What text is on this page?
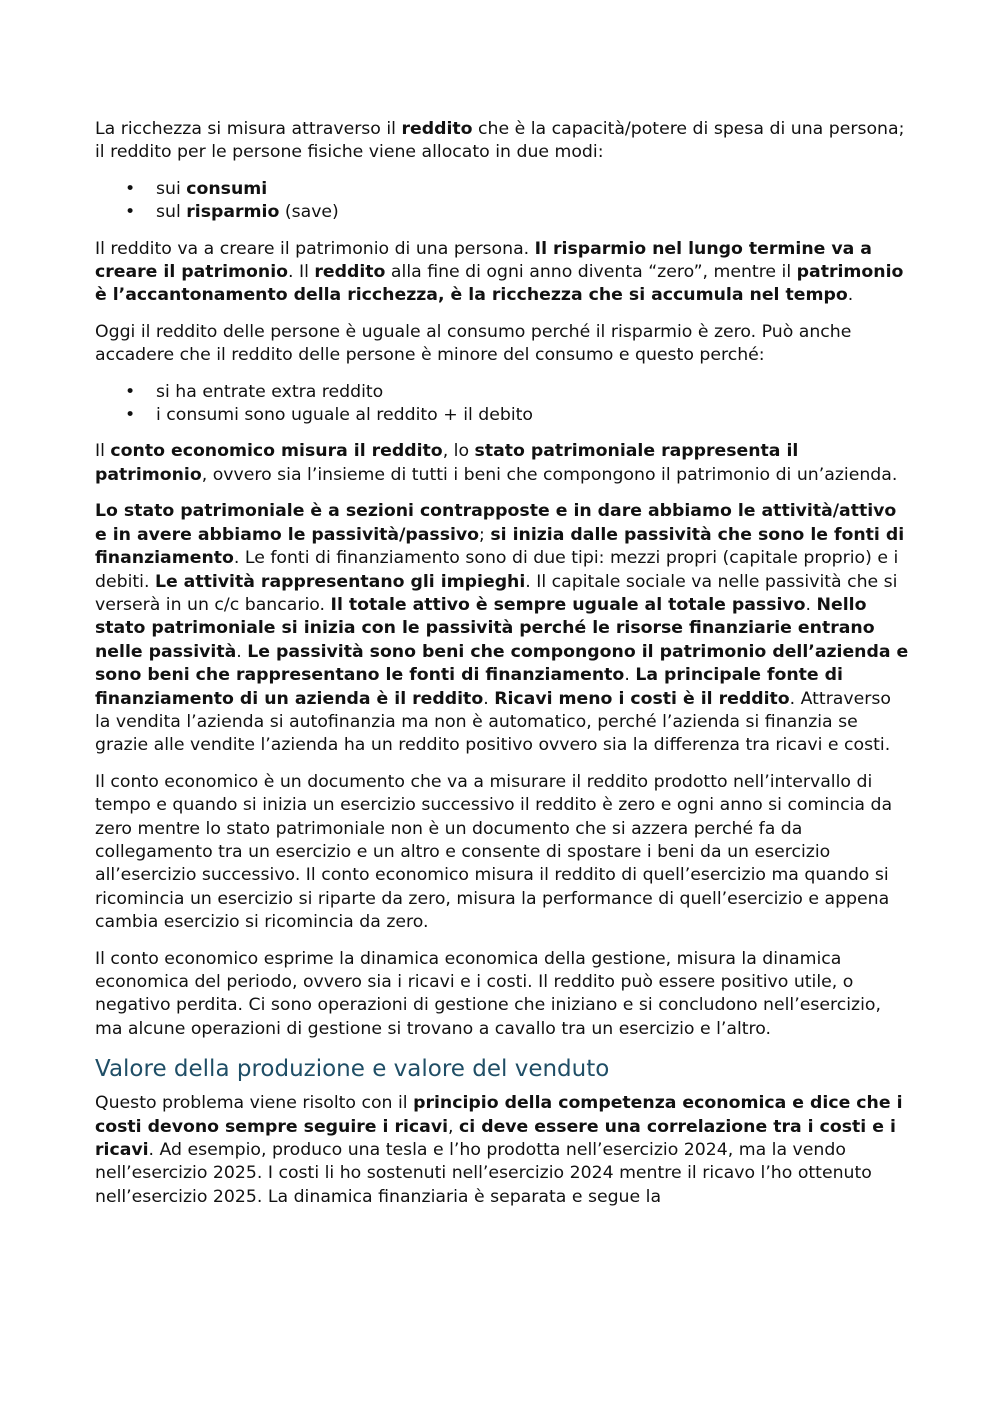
La ricchezza si misura attraverso il reddito che è la capacità/potere di spesa di una persona; il reddito per le persone fisiche viene allocato in due modi:

• sui consumi
• sul risparmio (save)

Il reddito va a creare il patrimonio di una persona. Il risparmio nel lungo termine va a creare il patrimonio. Il reddito alla fine di ogni anno diventa “zero”, mentre il patrimonio è l’accantonamento della ricchezza, è la ricchezza che si accumula nel tempo.

Oggi il reddito delle persone è uguale al consumo perché il risparmio è zero. Può anche accadere che il reddito delle persone è minore del consumo e questo perché:

• si ha entrate extra reddito
• i consumi sono uguale al reddito + il debito

Il conto economico misura il reddito, lo stato patrimoniale rappresenta il patrimonio, ovvero sia l’insieme di tutti i beni che compongono il patrimonio di un’azienda.

Lo stato patrimoniale è a sezioni contrapposte e in dare abbiamo le attività/attivo e in avere abbiamo le passività/passivo; si inizia dalle passività che sono le fonti di finanziamento. Le fonti di finanziamento sono di due tipi: mezzi propri (capitale proprio) e i debiti. Le attività rappresentano gli impieghi. Il capitale sociale va nelle passività che si verserà in un c/c bancario. Il totale attivo è sempre uguale al totale passivo. Nello stato patrimoniale si inizia con le passività perché le risorse finanziarie entrano nelle passività. Le passività sono beni che compongono il patrimonio dell’azienda e sono beni che rappresentano le fonti di finanziamento. La principale fonte di finanziamento di un azienda è il reddito. Ricavi meno i costi è il reddito. Attraverso la vendita l’azienda si autofinanzia ma non è automatico, perché l’azienda si finanzia se grazie alle vendite l’azienda ha un reddito positivo ovvero sia la differenza tra ricavi e costi.

Il conto economico è un documento che va a misurare il reddito prodotto nell’intervallo di tempo e quando si inizia un esercizio successivo il reddito è zero e ogni anno si comincia da zero mentre lo stato patrimoniale non è un documento che si azzera perché fa da collegamento tra un esercizio e un altro e consente di spostare i beni da un esercizio all’esercizio successivo. Il conto economico misura il reddito di quell’esercizio ma quando si ricomincia un esercizio si riparte da zero, misura la performance di quell’esercizio e appena cambia esercizio si ricomincia da zero.

Il conto economico esprime la dinamica economica della gestione, misura la dinamica economica del periodo, ovvero sia i ricavi e i costi. Il reddito può essere positivo utile, o negativo perdita. Ci sono operazioni di gestione che iniziano e si concludono nell’esercizio, ma alcune operazioni di gestione si trovano a cavallo tra un esercizio e l’altro.

Valore della produzione e valore del venduto

Questo problema viene risolto con il principio della competenza economica e dice che i costi devono sempre seguire i ricavi, ci deve essere una correlazione tra i costi e i ricavi. Ad esempio, produco una tesla e l’ho prodotta nell’esercizio 2024, ma la vendo nell’esercizio 2025. I costi li ho sostenuti nell’esercizio 2024 mentre il ricavo l’ho ottenuto nell’esercizio 2025. La dinamica finanziaria è separata e segue la
